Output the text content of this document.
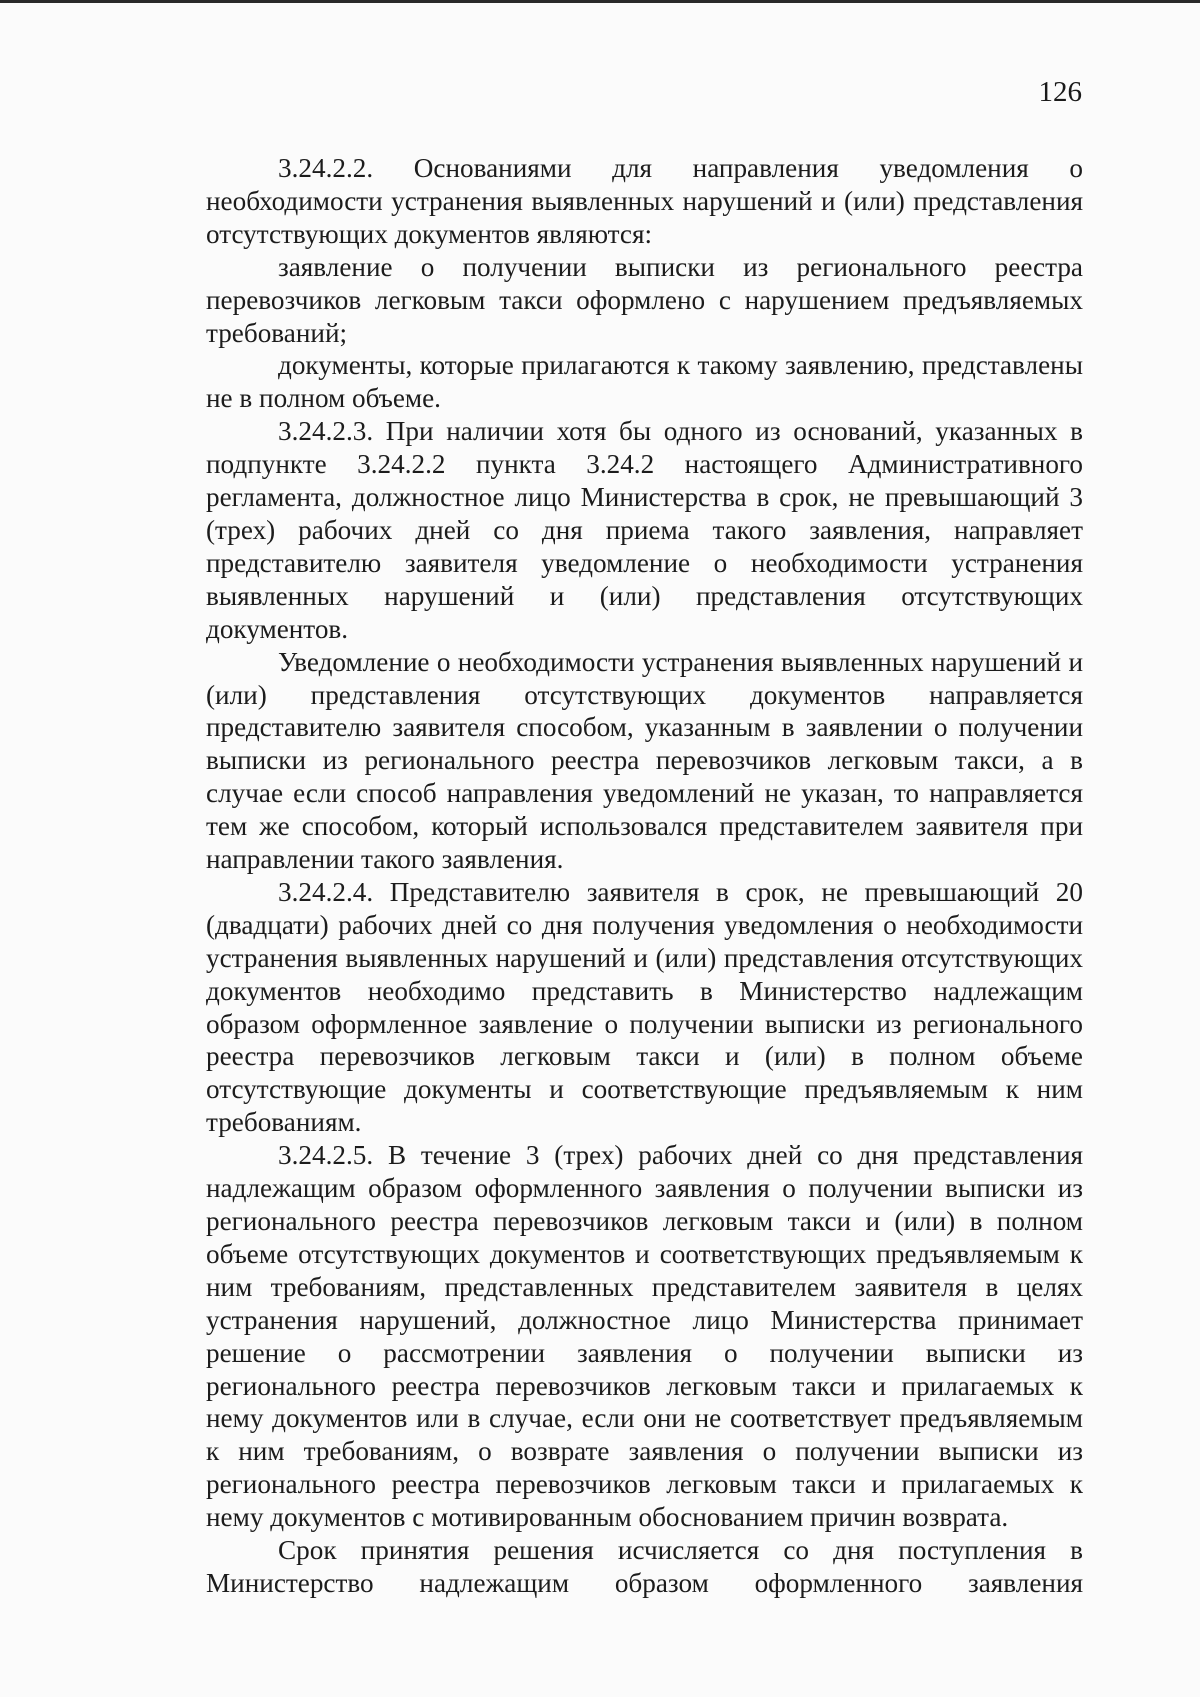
126

3.24.2.2. Основаниями для направления уведомления о необходимости устранения выявленных нарушений и (или) представления отсутствующих документов являются:

заявление о получении выписки из регионального реестра перевозчиков легковым такси оформлено с нарушением предъявляемых требований;

документы, которые прилагаются к такому заявлению, представлены не в полном объеме.

3.24.2.3. При наличии хотя бы одного из оснований, указанных в подпункте 3.24.2.2 пункта 3.24.2 настоящего Административного регламента, должностное лицо Министерства в срок, не превышающий 3 (трех) рабочих дней со дня приема такого заявления, направляет представителю заявителя уведомление о необходимости устранения выявленных нарушений и (или) представления отсутствующих документов.

Уведомление о необходимости устранения выявленных нарушений и (или) представления отсутствующих документов направляется представителю заявителя способом, указанным в заявлении о получении выписки из регионального реестра перевозчиков легковым такси, а в случае если способ направления уведомлений не указан, то направляется тем же способом, который использовался представителем заявителя при направлении такого заявления.

3.24.2.4. Представителю заявителя в срок, не превышающий 20 (двадцати) рабочих дней со дня получения уведомления о необходимости устранения выявленных нарушений и (или) представления отсутствующих документов необходимо представить в Министерство надлежащим образом оформленное заявление о получении выписки из регионального реестра перевозчиков легковым такси и (или) в полном объеме отсутствующие документы и соответствующие предъявляемым к ним требованиям.

3.24.2.5. В течение 3 (трех) рабочих дней со дня представления надлежащим образом оформленного заявления о получении выписки из регионального реестра перевозчиков легковым такси и (или) в полном объеме отсутствующих документов и соответствующих предъявляемым к ним требованиям, представленных представителем заявителя в целях устранения нарушений, должностное лицо Министерства принимает решение о рассмотрении заявления о получении выписки из регионального реестра перевозчиков легковым такси и прилагаемых к нему документов или в случае, если они не соответствует предъявляемым к ним требованиям, о возврате заявления о получении выписки из регионального реестра перевозчиков легковым такси и прилагаемых к нему документов с мотивированным обоснованием причин возврата.

Срок принятия решения исчисляется со дня поступления в Министерство надлежащим образом оформленного заявления
